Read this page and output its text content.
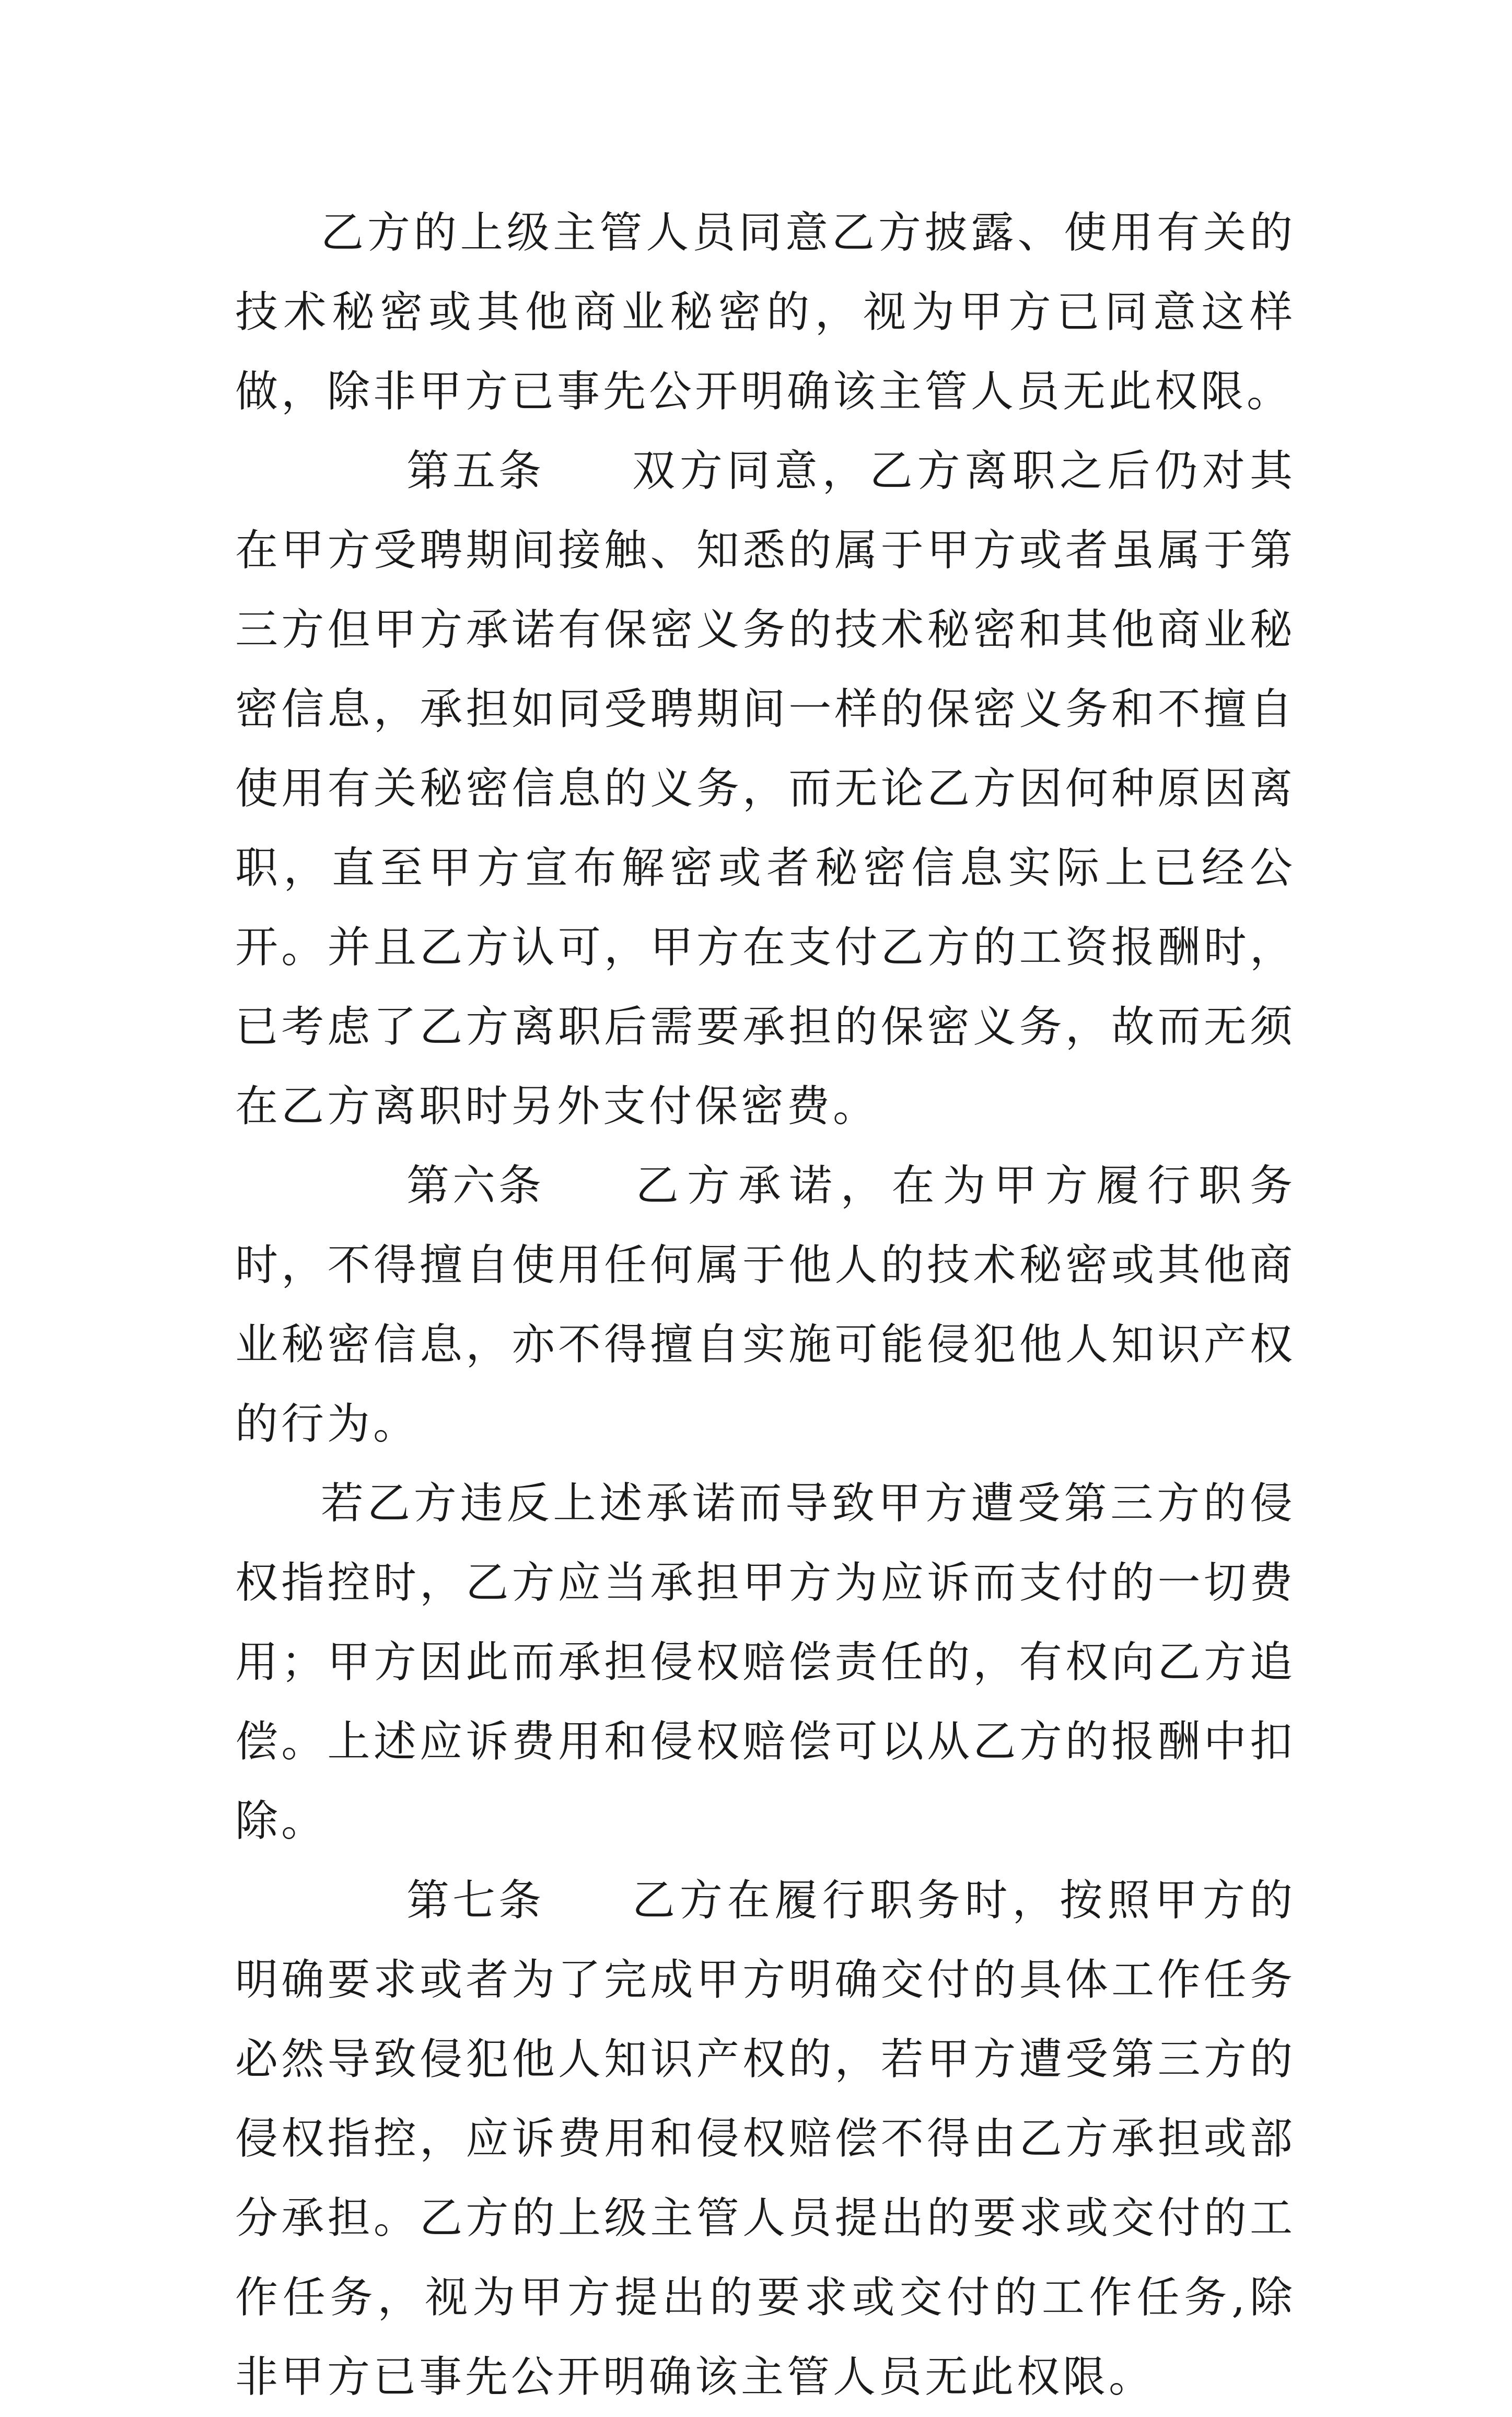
乙方的上级主管人员同意乙方披露、使用有关的技术秘密或其他商业秘密的，视为甲方已同意这样做，除非甲方已事先公开明确该主管人员无此权限。

第五条 双方同意，乙方离职之后仍对其在甲方受聘期间接触、知悉的属于甲方或者虽属于第三方但甲方承诺有保密义务的技术秘密和其他商业秘密信息，承担如同受聘期间一样的保密义务和不擅自使用有关秘密信息的义务，而无论乙方因何种原因离职，直至甲方宣布解密或者秘密信息实际上已经公开。并且乙方认可，甲方在支付乙方的工资报酬时，已考虑了乙方离职后需要承担的保密义务，故而无须在乙方离职时另外支付保密费。

第六条 乙方承诺，在为甲方履行职务时，不得擅自使用任何属于他人的技术秘密或其他商业秘密信息，亦不得擅自实施可能侵犯他人知识产权的行为。

若乙方违反上述承诺而导致甲方遭受第三方的侵权指控时，乙方应当承担甲方为应诉而支付的一切费用；甲方因此而承担侵权赔偿责任的，有权向乙方追偿。上述应诉费用和侵权赔偿可以从乙方的报酬中扣除。

第七条 乙方在履行职务时，按照甲方的明确要求或者为了完成甲方明确交付的具体工作任务必然导致侵犯他人知识产权的，若甲方遭受第三方的侵权指控，应诉费用和侵权赔偿不得由乙方承担或部分承担。乙方的上级主管人员提出的要求或交付的工作任务，视为甲方提出的要求或交付的工作任务,除非甲方已事先公开明确该主管人员无此权限。
